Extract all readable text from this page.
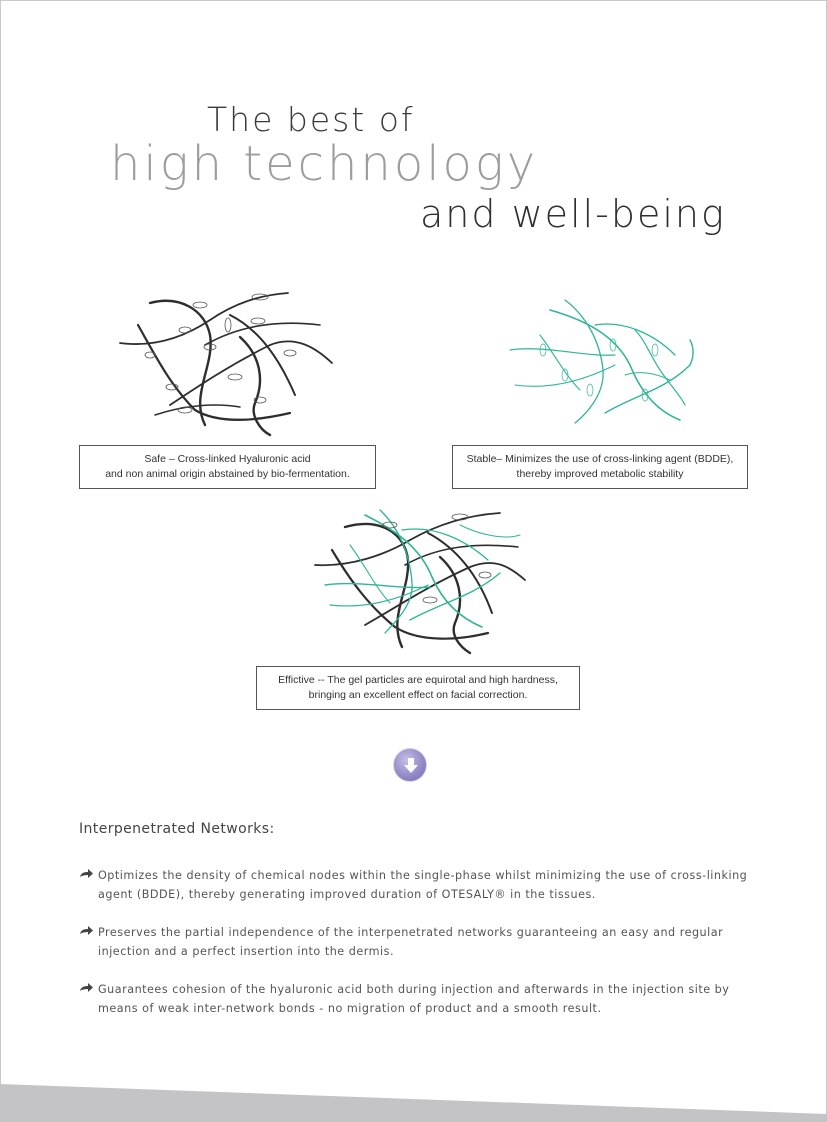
The best of
high technology
and well-being
Safe – Cross-linked Hyaluronic acid
and non animal origin abstained by bio-fermentation.
Stable– Minimizes the use of cross-linking agent (BDDE),
thereby improved metabolic stability
Effictive -- The gel particles are equirotal and high hardness,
bringing an excellent effect on facial correction.
Interpenetrated Networks:
Optimizes the density of chemical nodes within the single-phase whilst minimizing the use of cross-linking agent (BDDE), thereby generating improved duration of OTESALY® in the tissues.
Preserves the partial independence of the interpenetrated networks guaranteeing an easy and regular injection and a perfect insertion into the dermis.
Guarantees cohesion of the hyaluronic acid both during injection and afterwards in the injection site by means of weak inter-network bonds - no migration of product and a smooth result.
